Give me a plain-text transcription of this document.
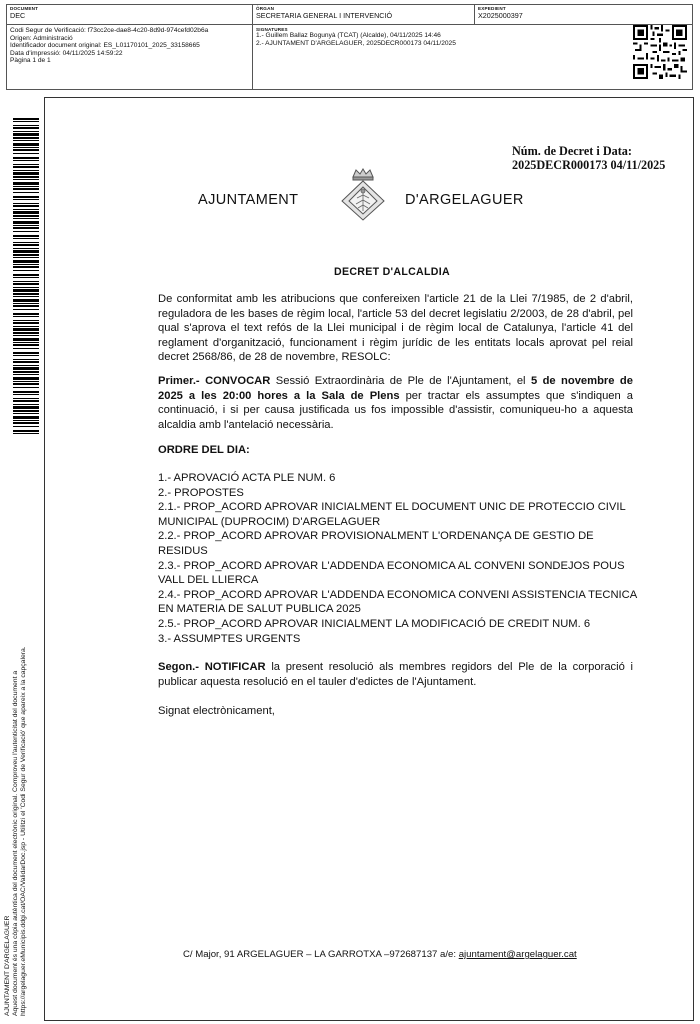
DOCUMENT
DEC
ÒRGAN
SECRETARIA GENERAL I INTERVENCIÓ
EXPEDIENT
X2025000397
Codi Segur de Verificació: f73cc2ce-dae8-4c20-8d9d-974cefd02b6a
Origen: Administració
Identificador document original: ES_L01170101_2025_33158665
Data d'impressió: 04/11/2025 14:59:22
Pàgina 1 de 1
SIGNATURES
1.- Guillem Ballaz Bogunyà (TCAT) (Alcalde), 04/11/2025 14:46
2.- AJUNTAMENT D'ARGELAGUER, 2025DECR000173 04/11/2025
AJUNTAMENT D'ARGELAGUER Aquest document és una còpia autèntica del document electrònic original. Comproveu l'autenticitat del document a https://argelaguer.eMunicipis.ddgi.cat/OAC/ValidarDoc.jsp - Utilitzi el 'Codi Segur de Verificació' que apareix a la capçalera.
Núm. de Decret i Data:
2025DECR000173 04/11/2025
AJUNTAMENT	D'ARGELAGUER
DECRET D'ALCALDIA
De conformitat amb les atribucions que confereixen l'article 21 de la Llei 7/1985, de 2 d'abril, reguladora de les bases de règim local, l'article 53 del decret legislatiu 2/2003, de 28 d'abril, pel qual s'aprova el text refós de la Llei municipal i de règim local de Catalunya, l'article 41 del reglament d'organització, funcionament i règim jurídic de les entitats locals aprovat pel reial decret 2568/86, de 28 de novembre, RESOLC:
Primer.- CONVOCAR Sessió Extraordinària de Ple de l'Ajuntament, el 5 de novembre de 2025 a les 20:00 hores a la Sala de Plens per tractar els assumptes que s'indiquen a continuació, i si per causa justificada us fos impossible d'assistir, comuniqueu-ho a aquesta alcaldia amb l'antelació necessària.
ORDRE DEL DIA:
1.- APROVACIÓ ACTA PLE NUM. 6
2.- PROPOSTES
2.1.- PROP_ACORD APROVAR INICIALMENT EL DOCUMENT UNIC DE PROTECCIO CIVIL MUNICIPAL (DUPROCIM) D'ARGELAGUER
2.2.- PROP_ACORD APROVAR PROVISIONALMENT L'ORDENANÇA DE GESTIO DE RESIDUS
2.3.- PROP_ACORD APROVAR L'ADDENDA ECONOMICA AL CONVENI SONDEJOS POUS VALL DEL LLIERCA
2.4.- PROP_ACORD APROVAR L'ADDENDA ECONOMICA CONVENI ASSISTENCIA TECNICA EN MATERIA DE SALUT PUBLICA 2025
2.5.- PROP_ACORD APROVAR INICIALMENT LA MODIFICACIÓ DE CREDIT NUM. 6
3.- ASSUMPTES URGENTS
Segon.- NOTIFICAR la present resolució als membres regidors del Ple de la corporació i publicar aquesta resolució en el tauler d'edictes de l'Ajuntament.
Signat electrònicament,
C/ Major, 91 ARGELAGUER – LA GARROTXA –972687137 a/e: ajuntament@argelaguer.cat
